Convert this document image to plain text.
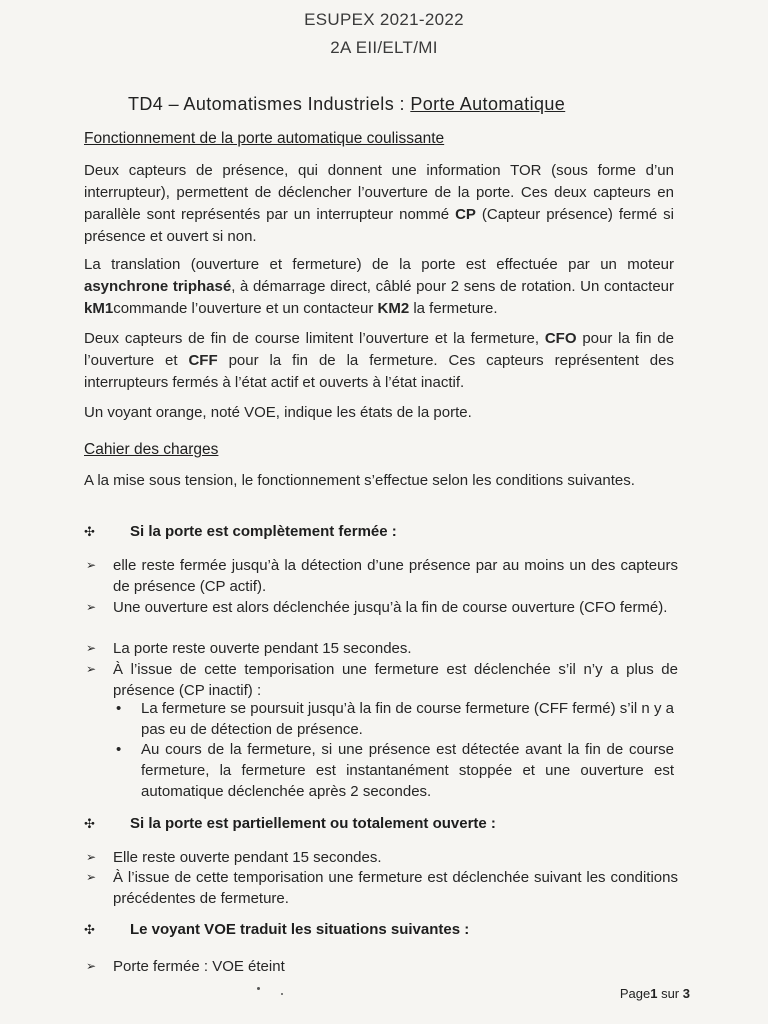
ESUPEX 2021-2022
2A EII/ELT/MI
TD4 – Automatismes Industriels : Porte Automatique
Fonctionnement de la porte automatique coulissante
Deux capteurs de présence, qui donnent une information TOR (sous forme d’un interrupteur), permettent de déclencher l’ouverture de la porte. Ces deux capteurs en parallèle sont représentés par un interrupteur nommé CP (Capteur présence) fermé si présence et ouvert si non.
La translation (ouverture et fermeture) de la porte est effectuée par un moteur asynchrone triphasé, à démarrage direct, câblé pour 2 sens de rotation. Un contacteur kM1commande l’ouverture et un contacteur KM2 la fermeture.
Deux capteurs de fin de course limitent l’ouverture et la fermeture, CFO pour la fin de l’ouverture et CFF pour la fin de la fermeture. Ces capteurs représentent des interrupteurs fermés à l’état actif et ouverts à l’état inactif.
Un voyant orange, noté VOE, indique les états de la porte.
Cahier des charges
A la mise sous tension, le fonctionnement s’effectue selon les conditions suivantes.
✣ Si la porte est complètement fermée :
➢	elle reste fermée jusqu’à la détection d’une présence par au moins un des capteurs de présence (CP actif).
➢	Une ouverture est alors déclenchée jusqu’à la fin de course ouverture (CFO fermé).
➢	La porte reste ouverte pendant 15 secondes.
➢	À l’issue de cette temporisation une fermeture est déclenchée s’il n’y a plus de présence (CP inactif) :
• La fermeture se poursuit jusqu’à la fin de course fermeture (CFF fermé) s’il n y a pas eu de détection de présence.
• Au cours de la fermeture, si une présence est détectée avant la fin de course fermeture, la fermeture est instantanément stoppée et une ouverture est automatique déclenchée après 2 secondes.
✣ Si la porte est partiellement ou totalement ouverte :
➢	Elle reste ouverte pendant 15 secondes.
➢	À l’issue de cette temporisation une fermeture est déclenchée suivant les conditions précédentes de fermeture.
✣ Le voyant VOE traduit les situations suivantes :
➢	Porte fermée : VOE éteint
Page1 sur 3
